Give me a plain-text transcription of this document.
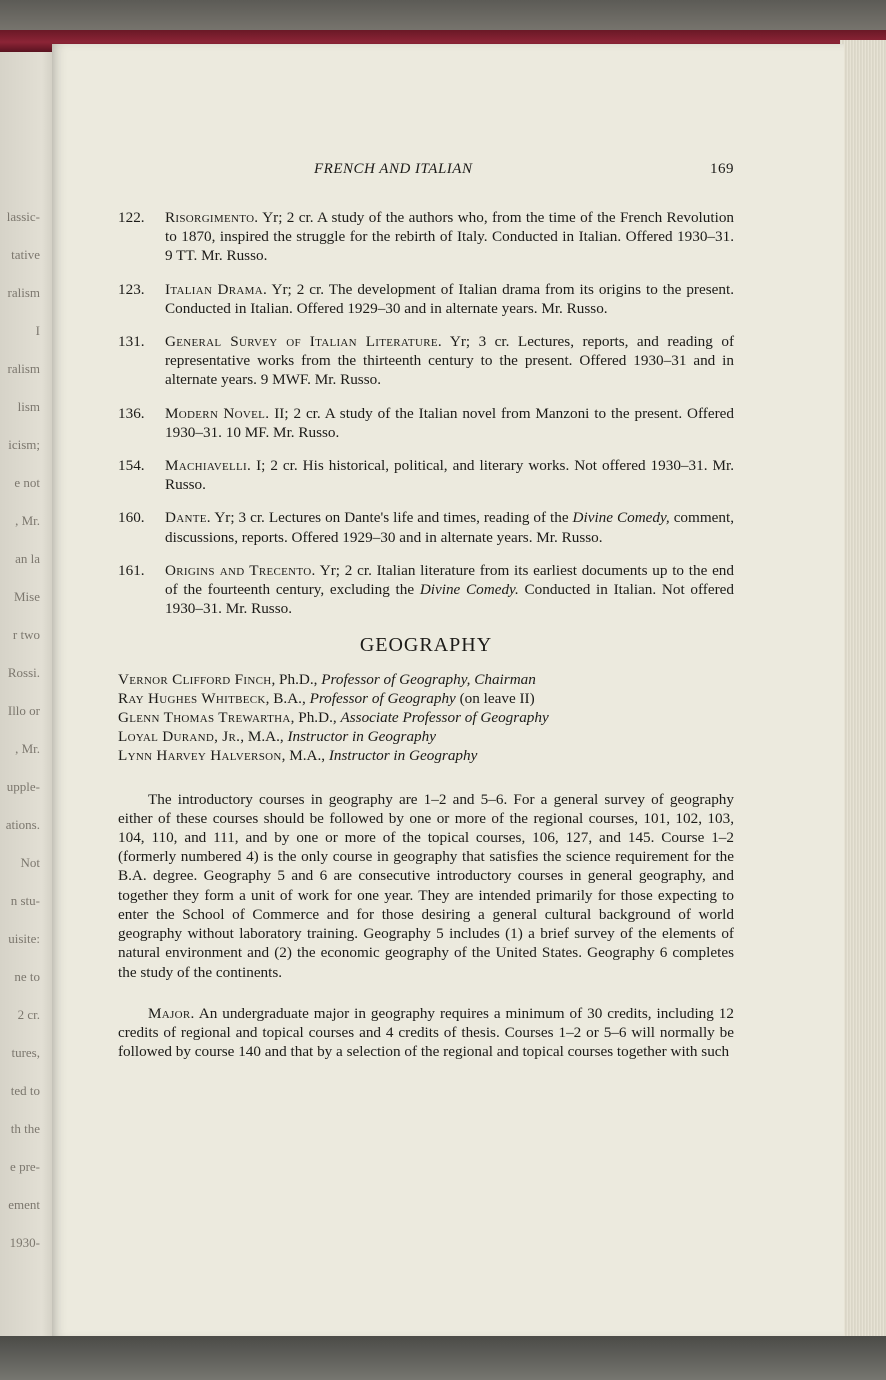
lassic-
tative
ralism
I
ralism
lism
icism;
e not
, Mr.
an la
Mise
r two
Rossi.
Illo or
, Mr.
upple-
ations.
Not
n stu-
uisite:
ne to
2 cr.
tures,
ted to
th the
e pre-
ement
1930-
FRENCH AND ITALIAN	169
122. Risorgimento. Yr; 2 cr. A study of the authors who, from the time of the French Revolution to 1870, inspired the struggle for the rebirth of Italy. Conducted in Italian. Offered 1930–31. 9 TT. Mr. Russo.
123. Italian Drama. Yr; 2 cr. The development of Italian drama from its origins to the present. Conducted in Italian. Offered 1929–30 and in alternate years. Mr. Russo.
131. General Survey of Italian Literature. Yr; 3 cr. Lectures, reports, and reading of representative works from the thirteenth century to the present. Offered 1930–31 and in alternate years. 9 MWF. Mr. Russo.
136. Modern Novel. II; 2 cr. A study of the Italian novel from Manzoni to the present. Offered 1930–31. 10 MF. Mr. Russo.
154. Machiavelli. I; 2 cr. His historical, political, and literary works. Not offered 1930–31. Mr. Russo.
160. Dante. Yr; 3 cr. Lectures on Dante's life and times, reading of the Divine Comedy, comment, discussions, reports. Offered 1929–30 and in alternate years. Mr. Russo.
161. Origins and Trecento. Yr; 2 cr. Italian literature from its earliest documents up to the end of the fourteenth century, excluding the Divine Comedy. Conducted in Italian. Not offered 1930–31. Mr. Russo.
GEOGRAPHY
Vernor Clifford Finch, Ph.D., Professor of Geography, Chairman
Ray Hughes Whitbeck, B.A., Professor of Geography (on leave II)
Glenn Thomas Trewartha, Ph.D., Associate Professor of Geography
Loyal Durand, Jr., M.A., Instructor in Geography
Lynn Harvey Halverson, M.A., Instructor in Geography

The introductory courses in geography are 1–2 and 5–6. For a general survey of geography either of these courses should be followed by one or more of the regional courses, 101, 102, 103, 104, 110, and 111, and by one or more of the topical courses, 106, 127, and 145. Course 1–2 (formerly numbered 4) is the only course in geography that satisfies the science requirement for the B.A. degree. Geography 5 and 6 are consecutive introductory courses in general geography, and together they form a unit of work for one year. They are intended primarily for those expecting to enter the School of Commerce and for those desiring a general cultural background of world geography without laboratory training. Geography 5 includes (1) a brief survey of the elements of natural environment and (2) the economic geography of the United States. Geography 6 completes the study of the continents.

Major. An undergraduate major in geography requires a minimum of 30 credits, including 12 credits of regional and topical courses and 4 credits of thesis. Courses 1–2 or 5–6 will normally be followed by course 140 and that by a selection of the regional and topical courses together with such
